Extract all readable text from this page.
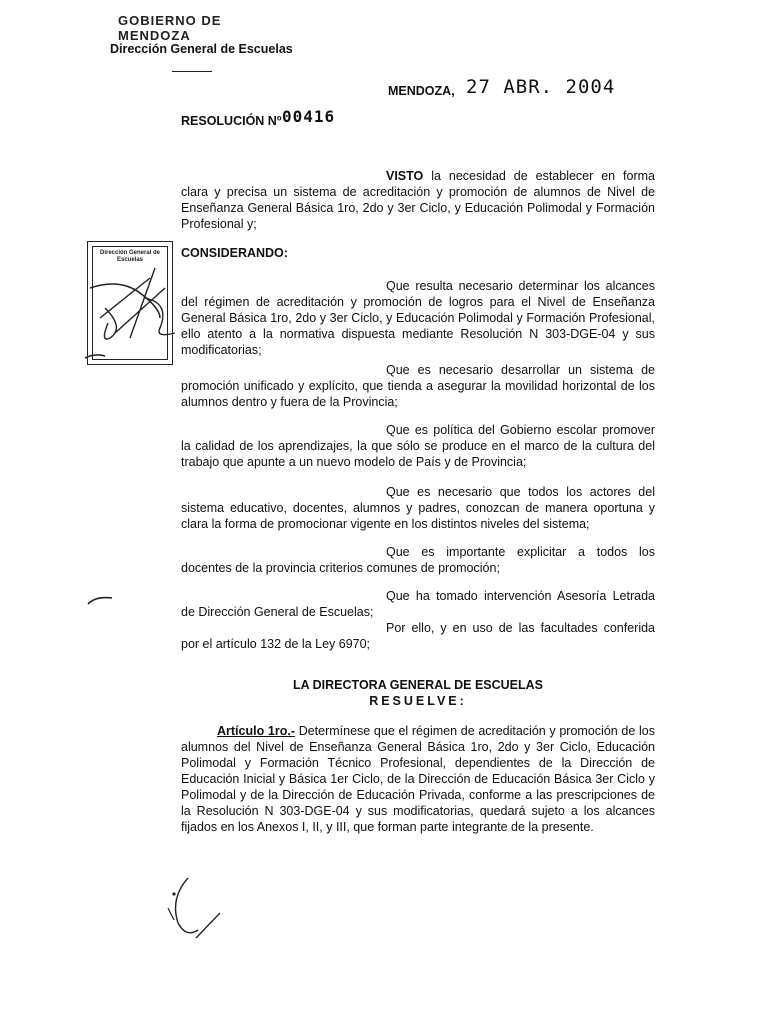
GOBIERNO DE MENDOZA
Dirección General de Escuelas
MENDOZA, 27 ABR. 2004
RESOLUCIÓN Nº 00416

VISTO la necesidad de establecer en forma clara y precisa un sistema de acreditación y promoción de alumnos de Nivel de Enseñanza General Básica 1ro, 2do y 3er Ciclo, y Educación Polimodal y Formación Profesional y;

Dirección General de Escuelas	CONSIDERANDO:

Que resulta necesario determinar los alcances del régimen de acreditación y promoción de logros para el Nivel de Enseñanza General Básica 1ro, 2do y 3er Ciclo, y Educación Polimodal y Formación Profesional, ello atento a la normativa dispuesta mediante Resolución N 303-DGE-04 y sus modificatorias;

Que es necesario desarrollar un sistema de promoción unificado y explícito, que tienda a asegurar la movilidad horizontal de los alumnos dentro y fuera de la Provincia;

Que es política del Gobierno escolar promover la calidad de los aprendizajes, la que sólo se produce en el marco de la cultura del trabajo que apunte a un nuevo modelo de País y de Provincia;

Que es necesario que todos los actores del sistema educativo, docentes, alumnos y padres, conozcan de manera oportuna y clara la forma de promocionar vigente en los distintos niveles del sistema;

Que es importante explicitar a todos los docentes de la provincia criterios comunes de promoción;

Que ha tomado intervención Asesoría Letrada de Dirección General de Escuelas;

Por ello, y en uso de las facultades conferida por el artículo 132 de la Ley 6970;

LA DIRECTORA GENERAL DE ESCUELAS
RESUELVE:

Artículo 1ro.- Determínese que el régimen de acreditación y promoción de los alumnos del Nivel de Enseñanza General Básica 1ro, 2do y 3er Ciclo, Educación Polimodal y Formación Técnico Profesional, dependientes de la Dirección de Educación Inicial y Básica 1er Ciclo, de la Dirección de Educación Básica 3er Ciclo y Polimodal y de la Dirección de Educación Privada, conforme a las prescripciones de la Resolución N 303-DGE-04 y sus modificatorias, quedará sujeto a los alcances fijados en los Anexos I, II, y III, que forman parte integrante de la presente.
